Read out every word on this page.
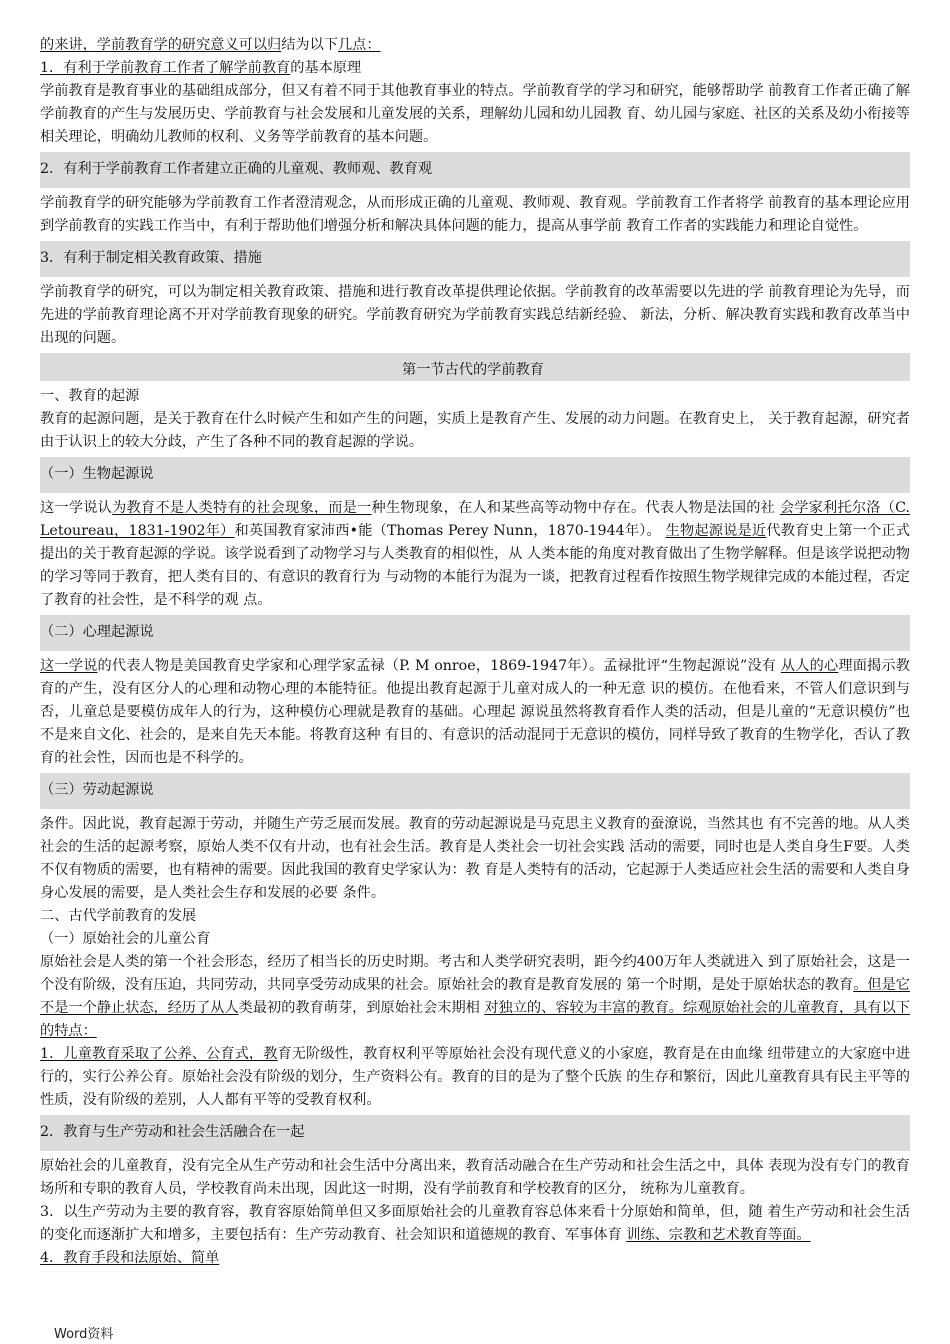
的来讲，学前教育学的研究意义可以归结为以下几点：

1．有利于学前教育工作者了解学前教育的基本原理

学前教育是教育事业的基础组成部分，但又有着不同于其他教育事业的特点。学前教育学的学习和研究，能够帮助学 前教育工作者正确了解学前教育的产生与发展历史、学前教育与社会发展和儿童发展的关系，理解幼儿园和幼儿园教 育、幼儿园与家庭、社区的关系及幼小衔接等相关理论，明确幼儿教师的权利、义务等学前教育的基本问题。

2．有利于学前教育工作者建立正确的儿童观、教师观、教育观

学前教育学的研究能够为学前教育工作者澄清观念，从而形成正确的儿童观、教师观、教育观。学前教育工作者将学 前教育的基本理论应用到学前教育的实践工作当中，有利于帮助他们增强分析和解决具体问题的能力，提高从事学前 教育工作者的实践能力和理论自觉性。

3．有利于制定相关教育政策、措施

学前教育学的研究，可以为制定相关教育政策、措施和进行教育改革提供理论依据。学前教育的改革需要以先进的学 前教育理论为先导，而先进的学前教育理论离不开对学前教育现象的研究。学前教育研究为学前教育实践总结新经验、 新法，分析、解决教育实践和教育改革当中出现的问题。

第一节古代的学前教育

一、教育的起源

教育的起源问题，是关于教育在什么时候产生和如产生的问题，实质上是教育产生、发展的动力问题。在教育史上， 关于教育起源，研究者由于认识上的较大分歧，产生了各种不同的教育起源的学说。

（一）生物起源说

这一学说认为教育不是人类特有的社会现象，而是一种生物现象，在人和某些高等动物中存在。代表人物是法国的社 会学家利托尔洛（C. Letoureau，1831-1902年）和英国教育家沛西•能（Thomas Perey Nunn，1870-1944年）。 生物起源说是近代教育史上第一个正式提出的关于教育起源的学说。该学说看到了动物学习与人类教育的相似性，从 人类本能的角度对教育做出了生物学解释。但是该学说把动物的学习等同于教育，把人类有目的、有意识的教育行为 与动物的本能行为混为一谈，把教育过程看作按照生物学规律完成的本能过程，否定了教育的社会性，是不科学的观 点。

（二）心理起源说

这一学说的代表人物是美国教育史学家和心理学家孟禄（P. M onroe，1869-1947年）。孟禄批评“生物起源说”没有 从人的心理面揭示教育的产生，没有区分人的心理和动物心理的本能特征。他提出教育起源于儿童对成人的一种无意 识的模仿。在他看来，不管人们意识到与否，儿童总是要模仿成年人的行为，这种模仿心理就是教育的基础。心理起 源说虽然将教育看作人类的活动，但是儿童的“无意识模仿”也不是来自文化、社会的，是来自先天本能。将教育这种 有目的、有意识的活动混同于无意识的模仿，同样导致了教育的生物学化，否认了教育的社会性，因而也是不科学的。

（三）劳动起源说

条件。因此说，教育起源于劳动，并随生产劳乏展而发展。教育的劳动起源说是马克思主义教育的蚕潦说，当然其也 有不完善的地。从人类社会的生活的起源考察，原始人类不仅有廾动，也有社会生活。教育是人类社会一切社会实践 活动的需要，同时也是人类自身生F要。人类不仅有物质的需要，也有精神的需要。因此我国的教育史学家认为：教 育是人类特有的活动，它起源于人类适应社会生活的需要和人类自身身心发展的需要，是人类社会生存和发展的必要 条件。

二、古代学前教育的发展

（一）原始社会的儿童公育

原始社会是人类的第一个社会形态，经历了相当长的历史时期。考古和人类学研究表明，距今约400万年人类就进入 到了原始社会，这是一个没有阶级，没有压迫，共同劳动，共同享受劳动成果的社会。原始社会的教育是教育发展的 第一个时期，是处于原始状态的教育。但是它不是一个静止状态，经历了从人类最初的教育萌芽，到原始社会末期相 对独立的、容较为丰富的教育。综观原始社会的儿童教育，具有以下的特点：

1．儿童教育采取了公养、公育式，教育无阶级性，教育权利平等原始社会没有现代意义的小家庭，教育是在由血缘 纽带建立的大家庭中进行的，实行公养公育。原始社会没有阶级的划分，生产资料公有。教育的目的是为了整个氏族 的生存和繁衍，因此儿童教育具有民主平等的性质，没有阶级的差别，人人都有平等的受教育权利。

2．教育与生产劳动和社会生活融合在一起

原始社会的儿童教育，没有完全从生产劳动和社会生活中分离出来，教育活动融合在生产劳动和社会生活之中，具体 表现为没有专门的教育场所和专职的教育人员，学校教育尚未出现，因此这一时期，没有学前教育和学校教育的区分， 统称为儿童教育。

3．以生产劳动为主要的教育容，教育容原始简单但又多面原始社会的儿童教育容总体来看十分原始和简单，但，随 着生产劳动和社会生活的变化而逐渐扩大和增多，主要包括有：生产劳动教育、社会知识和道德规的教育、军事体育 训练、宗教和艺术教育等面。

4．教育手段和法原始、简单

Word资料
